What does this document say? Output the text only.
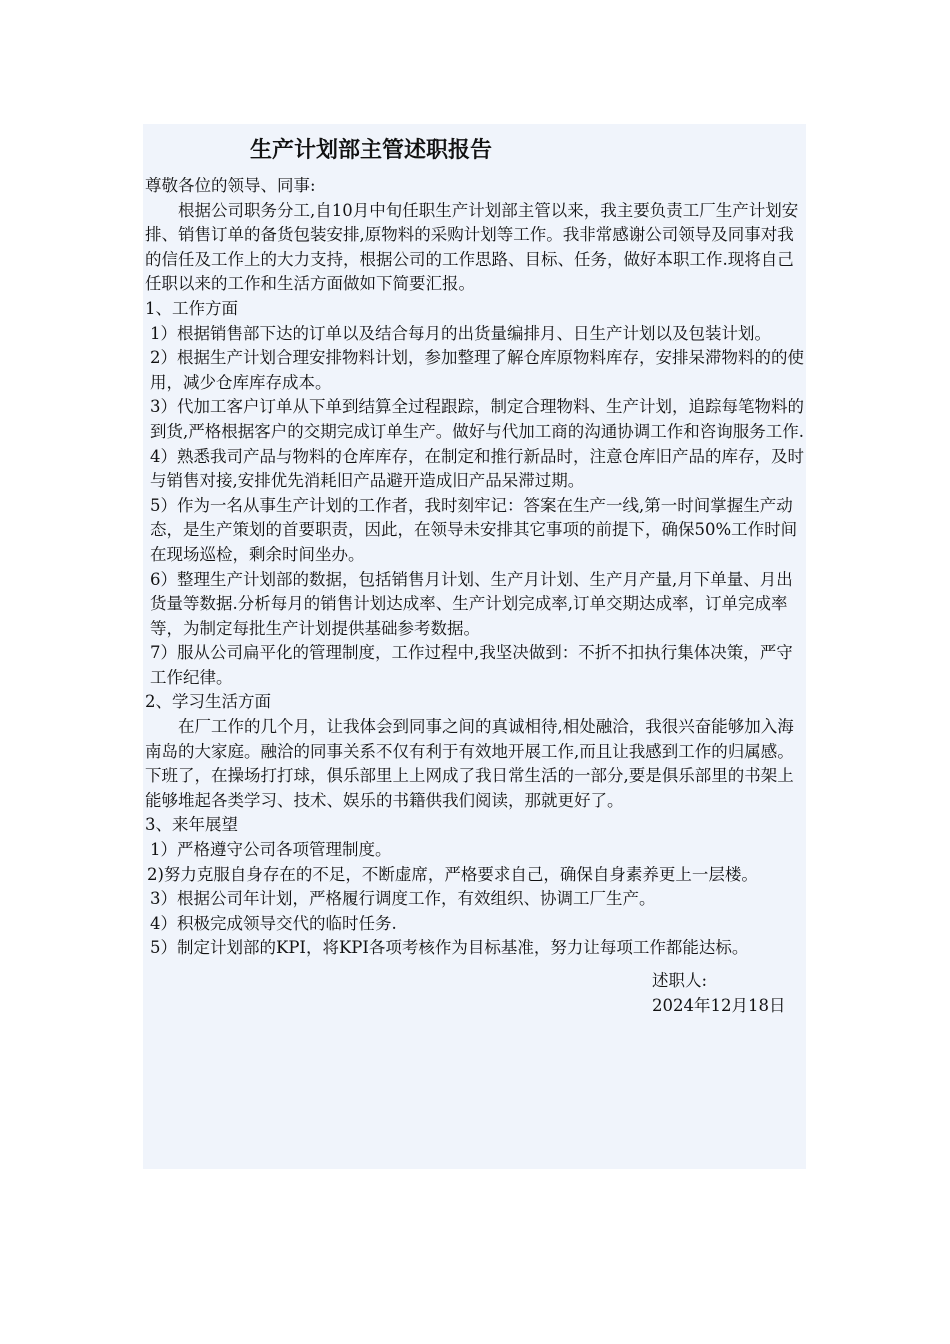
生产计划部主管述职报告

尊敬各位的领导、同事:

根据公司职务分工,自10月中旬任职生产计划部主管以来，我主要负责工厂生产计划安排、销售订单的备货包装安排,原物料的采购计划等工作。我非常感谢公司领导及同事对我的信任及工作上的大力支持，根据公司的工作思路、目标、任务，做好本职工作.现将自己任职以来的工作和生活方面做如下简要汇报。

1、工作方面

1）根据销售部下达的订单以及结合每月的出货量编排月、日生产计划以及包装计划。

2）根据生产计划合理安排物料计划，参加整理了解仓库原物料库存，安排呆滞物料的的使用，减少仓库库存成本。

3）代加工客户订单从下单到结算全过程跟踪，制定合理物料、生产计划，追踪每笔物料的到货,严格根据客户的交期完成订单生产。做好与代加工商的沟通协调工作和咨询服务工作.

4）熟悉我司产品与物料的仓库库存，在制定和推行新品时，注意仓库旧产品的库存，及时与销售对接,安排优先消耗旧产品避开造成旧产品呆滞过期。

5）作为一名从事生产计划的工作者，我时刻牢记：答案在生产一线,第一时间掌握生产动态，是生产策划的首要职责，因此，在领导未安排其它事项的前提下，确保50%工作时间在现场巡检，剩余时间坐办。

6）整理生产计划部的数据，包括销售月计划、生产月计划、生产月产量,月下单量、月出货量等数据.分析每月的销售计划达成率、生产计划完成率,订单交期达成率，订单完成率等，为制定每批生产计划提供基础参考数据。

7）服从公司扁平化的管理制度，工作过程中,我坚决做到：不折不扣执行集体决策，严守工作纪律。

2、学习生活方面

在厂工作的几个月，让我体会到同事之间的真诚相待,相处融洽，我很兴奋能够加入海南岛的大家庭。融洽的同事关系不仅有利于有效地开展工作,而且让我感到工作的归属感。下班了，在操场打打球，俱乐部里上上网成了我日常生活的一部分,要是俱乐部里的书架上能够堆起各类学习、技术、娱乐的书籍供我们阅读，那就更好了。

3、来年展望

1）严格遵守公司各项管理制度。

2)努力克服自身存在的不足，不断虚席，严格要求自己，确保自身素养更上一层楼。

3）根据公司年计划，严格履行调度工作，有效组织、协调工厂生产。

4）积极完成领导交代的临时任务.

5）制定计划部的KPI，将KPI各项考核作为目标基准，努力让每项工作都能达标。

述职人:
2024年12月18日
